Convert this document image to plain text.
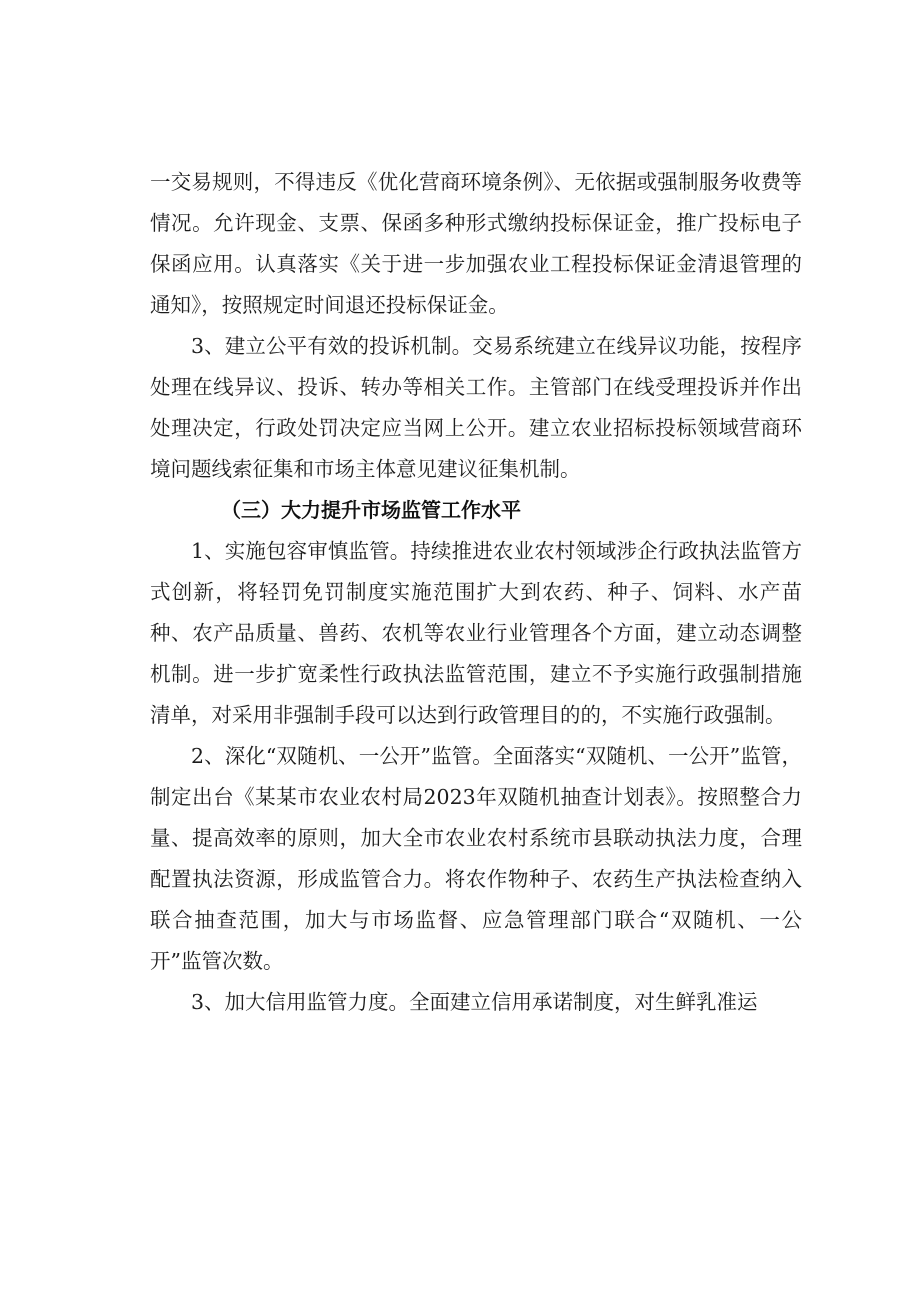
一交易规则，不得违反《优化营商环境条例》、无依据或强制服务收费等情况。允许现金、支票、保函多种形式缴纳投标保证金，推广投标电子保函应用。认真落实《关于进一步加强农业工程投标保证金清退管理的通知》，按照规定时间退还投标保证金。

3、建立公平有效的投诉机制。交易系统建立在线异议功能，按程序处理在线异议、投诉、转办等相关工作。主管部门在线受理投诉并作出处理决定，行政处罚决定应当网上公开。建立农业招标投标领域营商环境问题线索征集和市场主体意见建议征集机制。

（三）大力提升市场监管工作水平

1、实施包容审慎监管。持续推进农业农村领域涉企行政执法监管方式创新，将轻罚免罚制度实施范围扩大到农药、种子、饲料、水产苗种、农产品质量、兽药、农机等农业行业管理各个方面，建立动态调整机制。进一步扩宽柔性行政执法监管范围，建立不予实施行政强制措施清单，对采用非强制手段可以达到行政管理目的的，不实施行政强制。

2、深化“双随机、一公开”监管。全面落实“双随机、一公开”监管，制定出台《某某市农业农村局2023年双随机抽查计划表》。按照整合力量、提高效率的原则，加大全市农业农村系统市县联动执法力度，合理配置执法资源，形成监管合力。将农作物种子、农药生产执法检查纳入联合抽查范围，加大与市场监督、应急管理部门联合“双随机、一公开”监管次数。

3、加大信用监管力度。全面建立信用承诺制度，对生鲜乳准运
